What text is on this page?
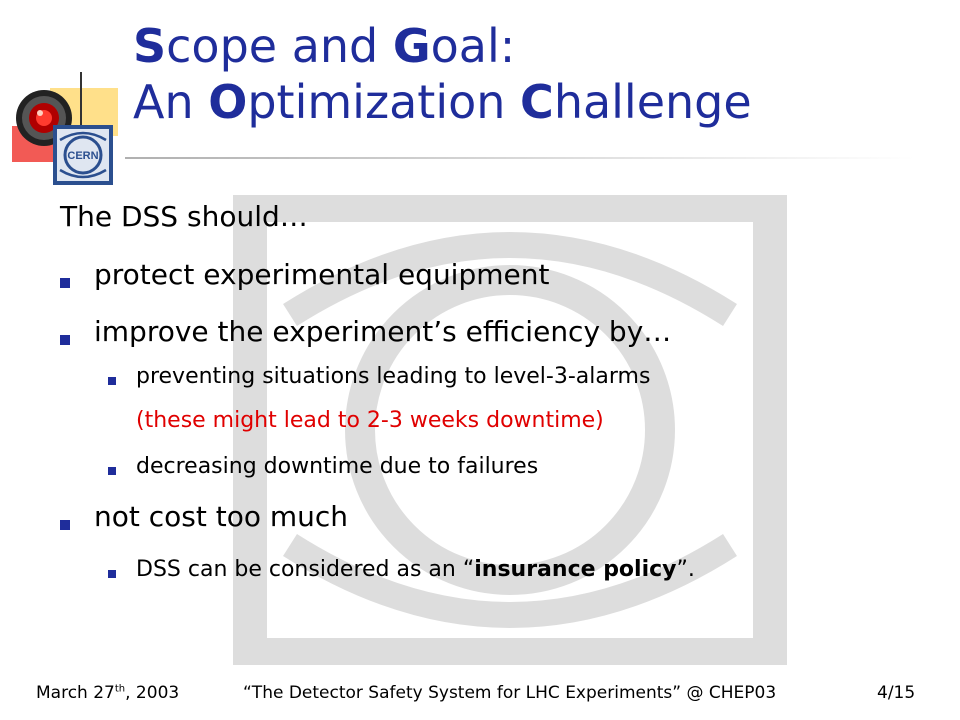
CERN
Scope and Goal:
An Optimization Challenge
The DSS should…
protect experimental equipment
improve the experiment’s efficiency by…
preventing situations leading to level-3-alarms
(these might lead to 2-3 weeks downtime)
decreasing downtime due to failures
not cost too much
DSS can be considered as an “insurance policy”.
March 27th, 2003	“The Detector Safety System for LHC Experiments” @ CHEP03	4/15
